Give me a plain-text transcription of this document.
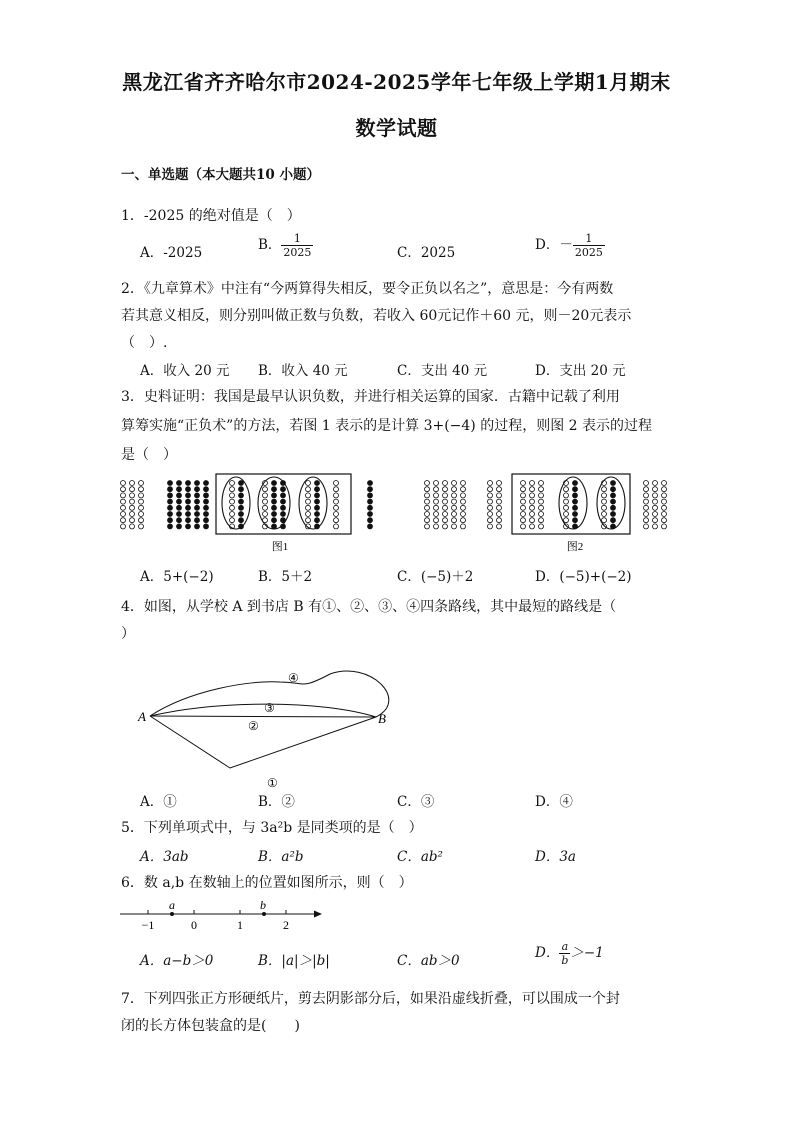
黑龙江省齐齐哈尔市2024-2025学年七年级上学期1月期末
数学试题
一、单选题（本大题共10 小题）
1．-2025 的绝对值是（　）
A．-2025	B． $\frac{1}{2025}$	C．2025	D．－ $\frac{1}{2025}$
2．《九章算术》中注有“今两算得失相反，要令正负以名之”，意思是：今有两数
若其意义相反，则分别叫做正数与负数，若收入 60元记作＋60 元，则－20元表示
（　）.
A．收入 20 元 B．收入 40 元	C．支出 40 元	D．支出 20 元
3．史料证明：我国是最早认识负数，并进行相关运算的国家．古籍中记载了利用
算筹实施“正负术”的方法，若图 1 表示的是计算 3+(−4) 的过程，则图 2 表示的过程
是（　）
图1	图2
A．5+(−2)	B．5＋2	C．(−5)＋2	D．(−5)+(−2)
4．如图，从学校 A 到书店 B 有①、②、③、④四条路线，其中最短的路线是（
）
A	B
④
③
②
①
A．①	B．②	C．③	D．④
5．下列单项式中，与 3a²b 是同类项的是（　）
A．3ab	B．a²b	C．ab²	D．3a
6．数 a,b 在数轴上的位置如图所示，则（　）
−1	0	1	2
a	b
A．a−b＞0	B．|a|＞|b|	C．ab＞0	D． $\frac{a}{b} >-1$
7．下列四张正方形硬纸片，剪去阴影部分后，如果沿虚线折叠，可以围成一个封
闭的长方体包装盒的是(　　)
